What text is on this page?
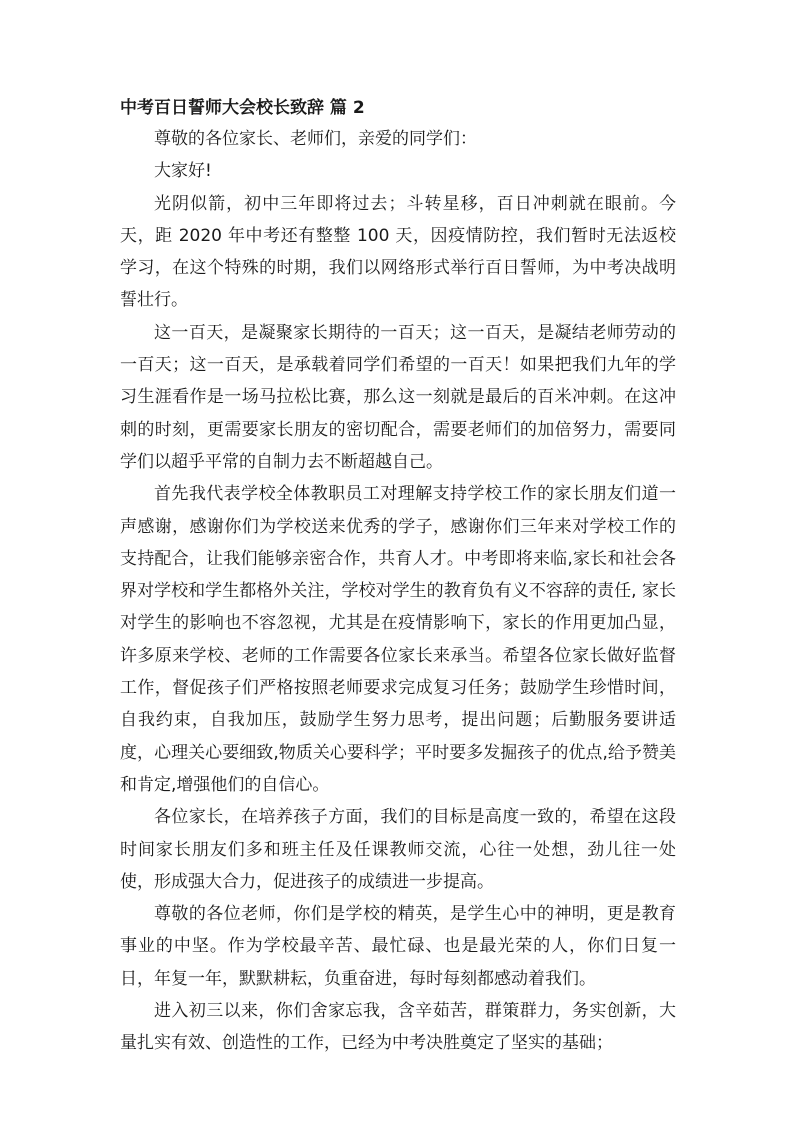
中考百日誓师大会校长致辞 篇 2

尊敬的各位家长、老师们，亲爱的同学们：

大家好!

光阴似箭，初中三年即将过去；斗转星移，百日冲刺就在眼前。今天，距 2020 年中考还有整整 100 天，因疫情防控，我们暂时无法返校学习，在这个特殊的时期，我们以网络形式举行百日誓师，为中考决战明誓壮行。

这一百天，是凝聚家长期待的一百天；这一百天，是凝结老师劳动的一百天；这一百天，是承载着同学们希望的一百天！如果把我们九年的学习生涯看作是一场马拉松比赛，那么这一刻就是最后的百米冲刺。在这冲刺的时刻，更需要家长朋友的密切配合，需要老师们的加倍努力，需要同学们以超乎平常的自制力去不断超越自己。

首先我代表学校全体教职员工对理解支持学校工作的家长朋友们道一声感谢，感谢你们为学校送来优秀的学子，感谢你们三年来对学校工作的支持配合，让我们能够亲密合作，共育人才。中考即将来临,家长和社会各界对学校和学生都格外关注，学校对学生的教育负有义不容辞的责任, 家长对学生的影响也不容忽视，尤其是在疫情影响下，家长的作用更加凸显，许多原来学校、老师的工作需要各位家长来承当。希望各位家长做好监督工作，督促孩子们严格按照老师要求完成复习任务；鼓励学生珍惜时间，自我约束，自我加压，鼓励学生努力思考，提出问题；后勤服务要讲适度，心理关心要细致,物质关心要科学；平时要多发掘孩子的优点,给予赞美和肯定,增强他们的自信心。

各位家长，在培养孩子方面，我们的目标是高度一致的，希望在这段时间家长朋友们多和班主任及任课教师交流，心往一处想，劲儿往一处使，形成强大合力，促进孩子的成绩进一步提高。

尊敬的各位老师，你们是学校的精英，是学生心中的神明，更是教育事业的中坚。作为学校最辛苦、最忙碌、也是最光荣的人，你们日复一日，年复一年，默默耕耘，负重奋进，每时每刻都感动着我们。

进入初三以来，你们舍家忘我，含辛茹苦，群策群力，务实创新，大量扎实有效、创造性的工作，已经为中考决胜奠定了坚实的基础；
